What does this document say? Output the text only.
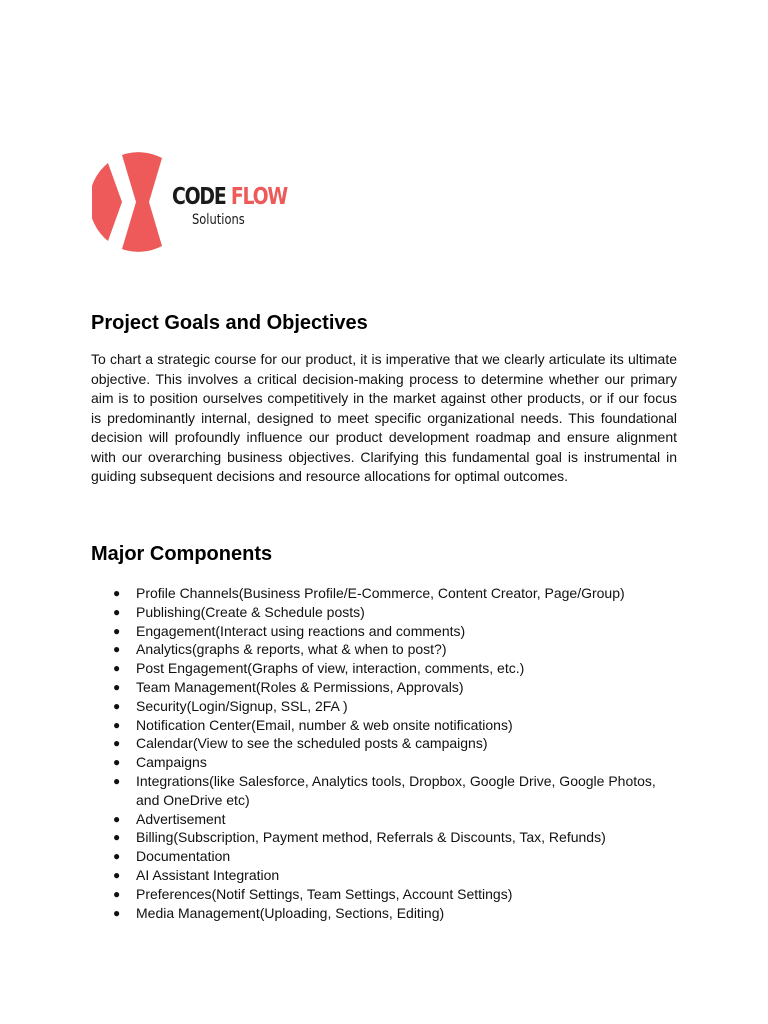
CODE FLOW
Solutions
Project Goals and Objectives

To chart a strategic course for our product, it is imperative that we clearly articulate its ultimate objective. This involves a critical decision-making process to determine whether our primary aim is to position ourselves competitively in the market against other products, or if our focus is predominantly internal, designed to meet specific organizational needs. This foundational decision will profoundly influence our product development roadmap and ensure alignment with our overarching business objectives. Clarifying this fundamental goal is instrumental in guiding subsequent decisions and resource allocations for optimal outcomes.

Major Components
● Profile Channels(Business Profile/E-Commerce, Content Creator, Page/Group)
● Publishing(Create & Schedule posts)
● Engagement(Interact using reactions and comments)
● Analytics(graphs & reports, what & when to post?)
● Post Engagement(Graphs of view, interaction, comments, etc.)
● Team Management(Roles & Permissions, Approvals)
● Security(Login/Signup, SSL, 2FA )
● Notification Center(Email, number & web onsite notifications)
● Calendar(View to see the scheduled posts & campaigns)
● Campaigns
● Integrations(like Salesforce, Analytics tools, Dropbox, Google Drive, Google Photos, and OneDrive etc)
● Advertisement
● Billing(Subscription, Payment method, Referrals & Discounts, Tax, Refunds)
● Documentation
● AI Assistant Integration
● Preferences(Notif Settings, Team Settings, Account Settings)
● Media Management(Uploading, Sections, Editing)
